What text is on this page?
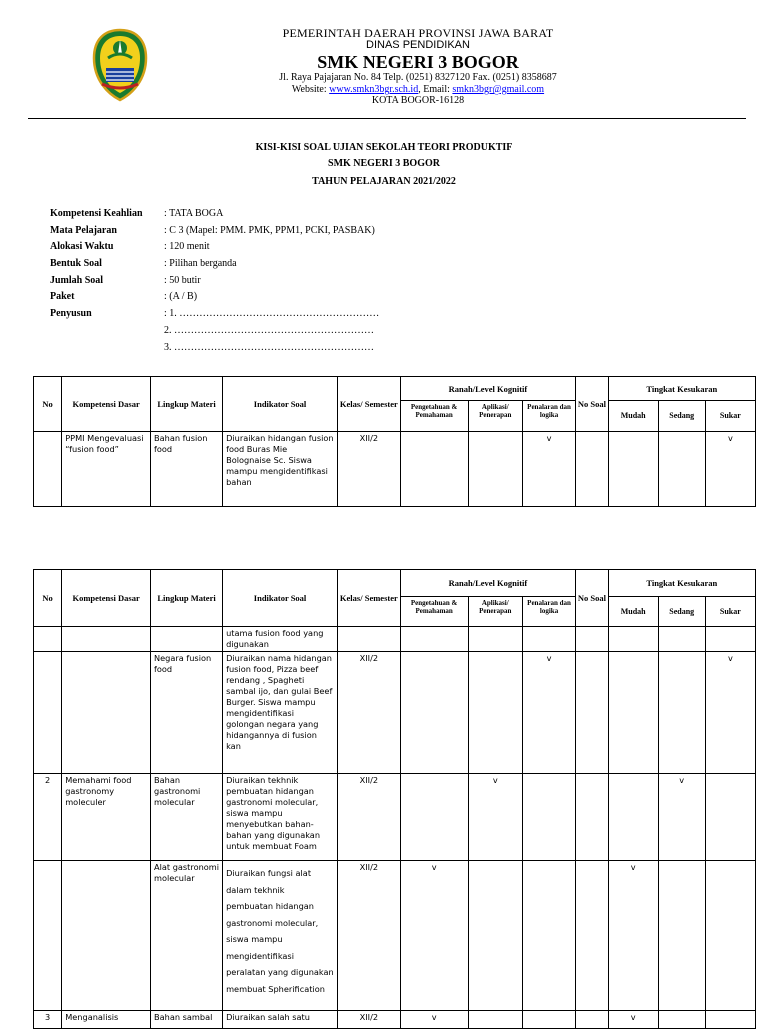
PEMERINTAH DAERAH PROVINSI JAWA BARAT
DINAS PENDIDIKAN
SMK NEGERI 3 BOGOR
Jl. Raya Pajajaran No. 84 Telp. (0251) 8327120 Fax. (0251) 8358687
Website: www.smkn3bgr.sch.id, Email: smkn3bgr@gmail.com
KOTA BOGOR-16128
KISI-KISI SOAL UJIAN SEKOLAH TEORI PRODUKTIF
SMK NEGERI 3 BOGOR
TAHUN PELAJARAN 2021/2022
Kompetensi Keahlian : TATA BOGA
Mata Pelajaran	: C 3 (Mapel: PMM. PMK, PPM1, PCKI, PASBAK)
Alokasi Waktu	: 120 menit
Bentuk Soal	: Pilihan berganda
Jumlah Soal	: 50 butir
Paket	: (A / B)
Penyusun	: 1. ……………………………………………………
2. ……………………………………………………
3. ……………………………………………………
No	Kompetensi Dasar	Lingkup Materi	Indikator Soal	Kelas/ Semester	Ranah/Level Kognitif			No Soal	Tingkat Kesukaran		
					Pengetahuan & Pemahaman	Aplikasi/ Penerapan	Penalaran dan logika		Mudah	Sedang	Sukar
	PPMI Mengevaluasi “fusion food”	Bahan fusion food	Diuraikan hidangan fusion food Buras Mie Bolognaise Sc. Siswa mampu mengidentifikasi bahan	XII/2			v				v
No	Kompetensi Dasar	Lingkup Materi	Indikator Soal	Kelas/ Semester	Ranah/Level Kognitif			No Soal	Tingkat Kesukaran		
					Pengetahuan & Pemahaman	Aplikasi/ Penerapan	Penalaran dan logika		Mudah	Sedang	Sukar
			utama fusion food yang digunakan								
		Negara fusion food	Diuraikan nama hidangan fusion food, Pizza beef rendang , Spagheti sambal ijo, dan gulai Beef Burger. Siswa mampu mengidentifikasi golongan negara yang hidangannya di fusion kan	XII/2			v				v
2	Memahami food gastronomy moleculer	Bahan gastronomi molecular	Diuraikan tekhnik pembuatan hidangan gastronomi molecular, siswa mampu menyebutkan bahan-bahan yang digunakan untuk membuat Foam	XII/2		v				v	
		Alat gastronomi molecular	Diuraikan fungsi alat dalam tekhnik pembuatan hidangan gastronomi molecular, siswa mampu mengidentifikasi peralatan yang digunakan membuat Spherification	XII/2	v				v		
3	Menganalisis	Bahan sambal	Diuraikan salah satu	XII/2	v				v		
